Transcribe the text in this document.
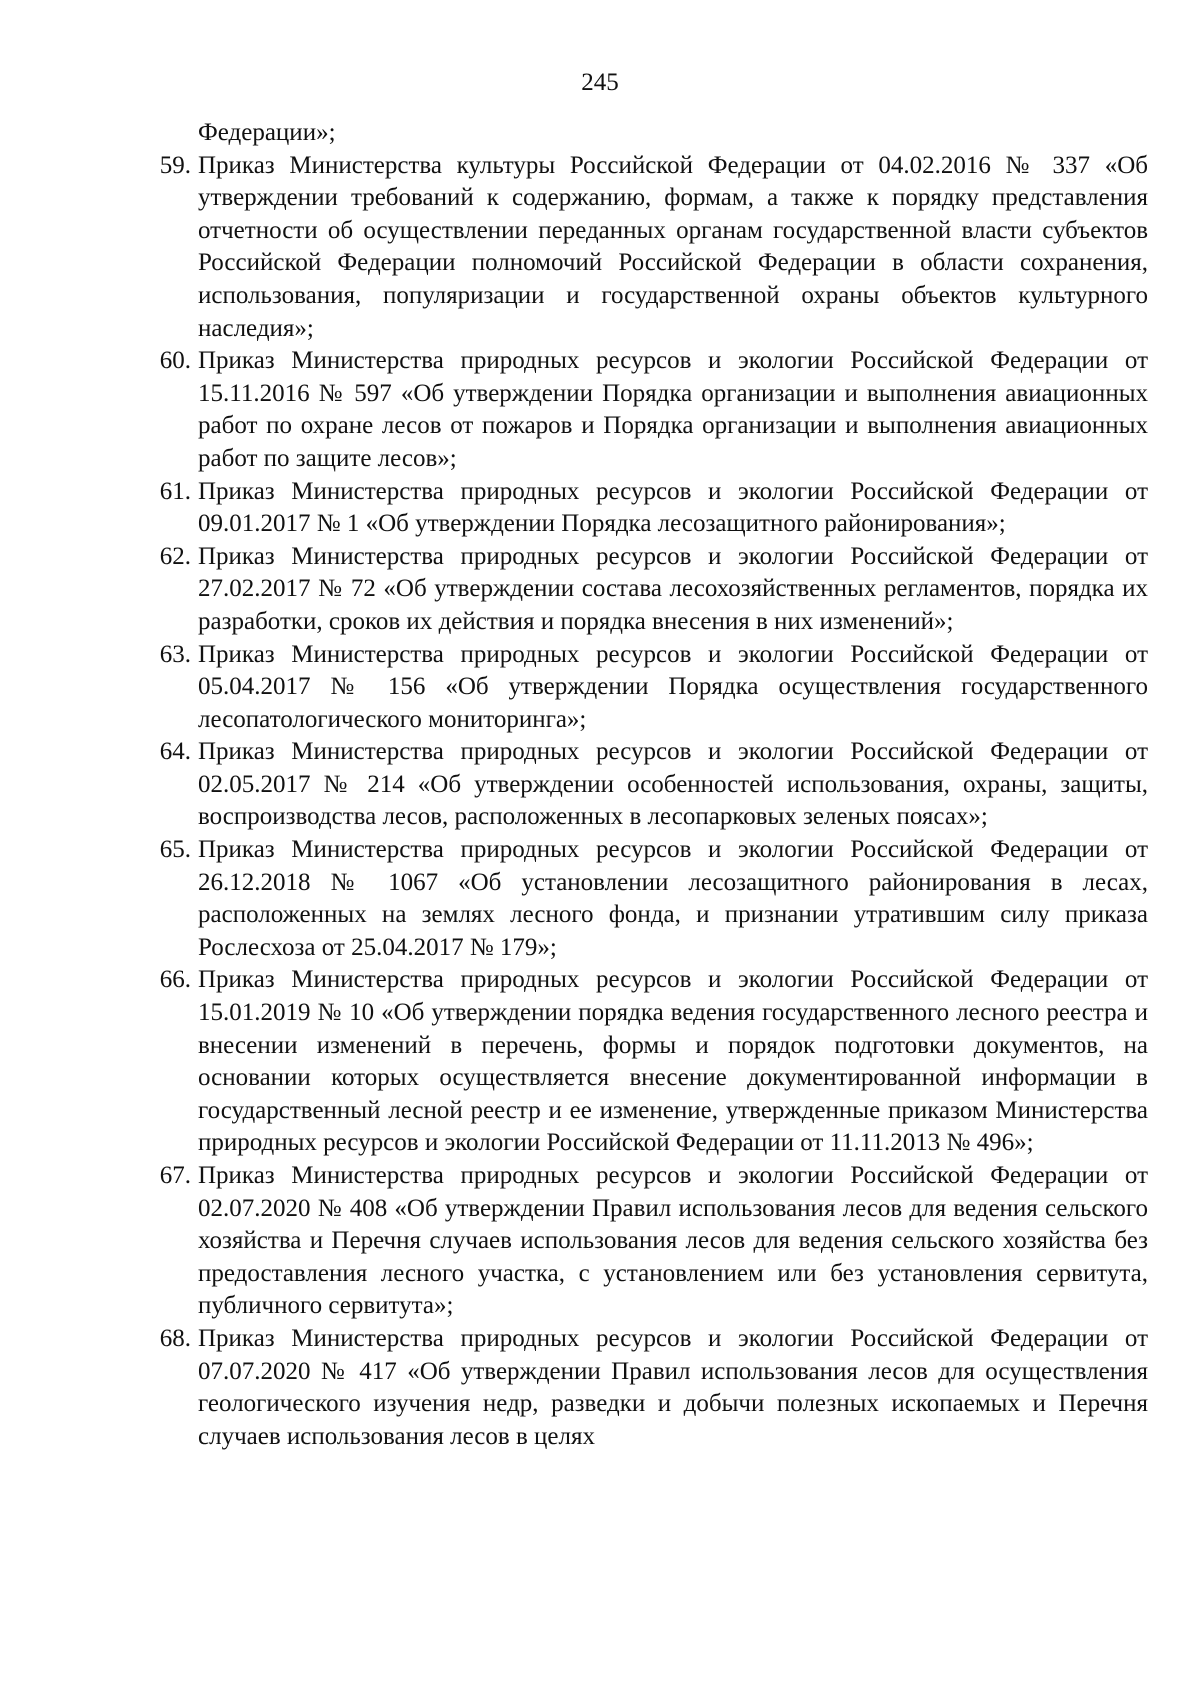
245

Федерации»;

59. Приказ Министерства культуры Российской Федерации от 04.02.2016 № 337 «Об утверждении требований к содержанию, формам, а также к порядку представления отчетности об осуществлении переданных органам государственной власти субъектов Российской Федерации полномочий Российской Федерации в области сохранения, использования, популяризации и государственной охраны объектов культурного наследия»;
60. Приказ Министерства природных ресурсов и экологии Российской Федерации от 15.11.2016 № 597 «Об утверждении Порядка организации и выполнения авиационных работ по охране лесов от пожаров и Порядка организации и выполнения авиационных работ по защите лесов»;
61. Приказ Министерства природных ресурсов и экологии Российской Федерации от 09.01.2017 № 1 «Об утверждении Порядка лесозащитного районирования»;
62. Приказ Министерства природных ресурсов и экологии Российской Федерации от 27.02.2017 № 72 «Об утверждении состава лесохозяйственных регламентов, порядка их разработки, сроков их действия и порядка внесения в них изменений»;
63. Приказ Министерства природных ресурсов и экологии Российской Федерации от 05.04.2017 № 156 «Об утверждении Порядка осуществления государственного лесопатологического мониторинга»;
64. Приказ Министерства природных ресурсов и экологии Российской Федерации от 02.05.2017 № 214 «Об утверждении особенностей использования, охраны, защиты, воспроизводства лесов, расположенных в лесопарковых зеленых поясах»;
65. Приказ Министерства природных ресурсов и экологии Российской Федерации от 26.12.2018 № 1067 «Об установлении лесозащитного районирования в лесах, расположенных на землях лесного фонда, и признании утратившим силу приказа Рослесхоза от 25.04.2017 № 179»;
66. Приказ Министерства природных ресурсов и экологии Российской Федерации от 15.01.2019 № 10 «Об утверждении порядка ведения государственного лесного реестра и внесении изменений в перечень, формы и порядок подготовки документов, на основании которых осуществляется внесение документированной информации в государственный лесной реестр и ее изменение, утвержденные приказом Министерства природных ресурсов и экологии Российской Федерации от 11.11.2013 № 496»;
67. Приказ Министерства природных ресурсов и экологии Российской Федерации от 02.07.2020 № 408 «Об утверждении Правил использования лесов для ведения сельского хозяйства и Перечня случаев использования лесов для ведения сельского хозяйства без предоставления лесного участка, с установлением или без установления сервитута, публичного сервитута»;
68. Приказ Министерства природных ресурсов и экологии Российской Федерации от 07.07.2020 № 417 «Об утверждении Правил использования лесов для осуществления геологического изучения недр, разведки и добычи полезных ископаемых и Перечня случаев использования лесов в целях
